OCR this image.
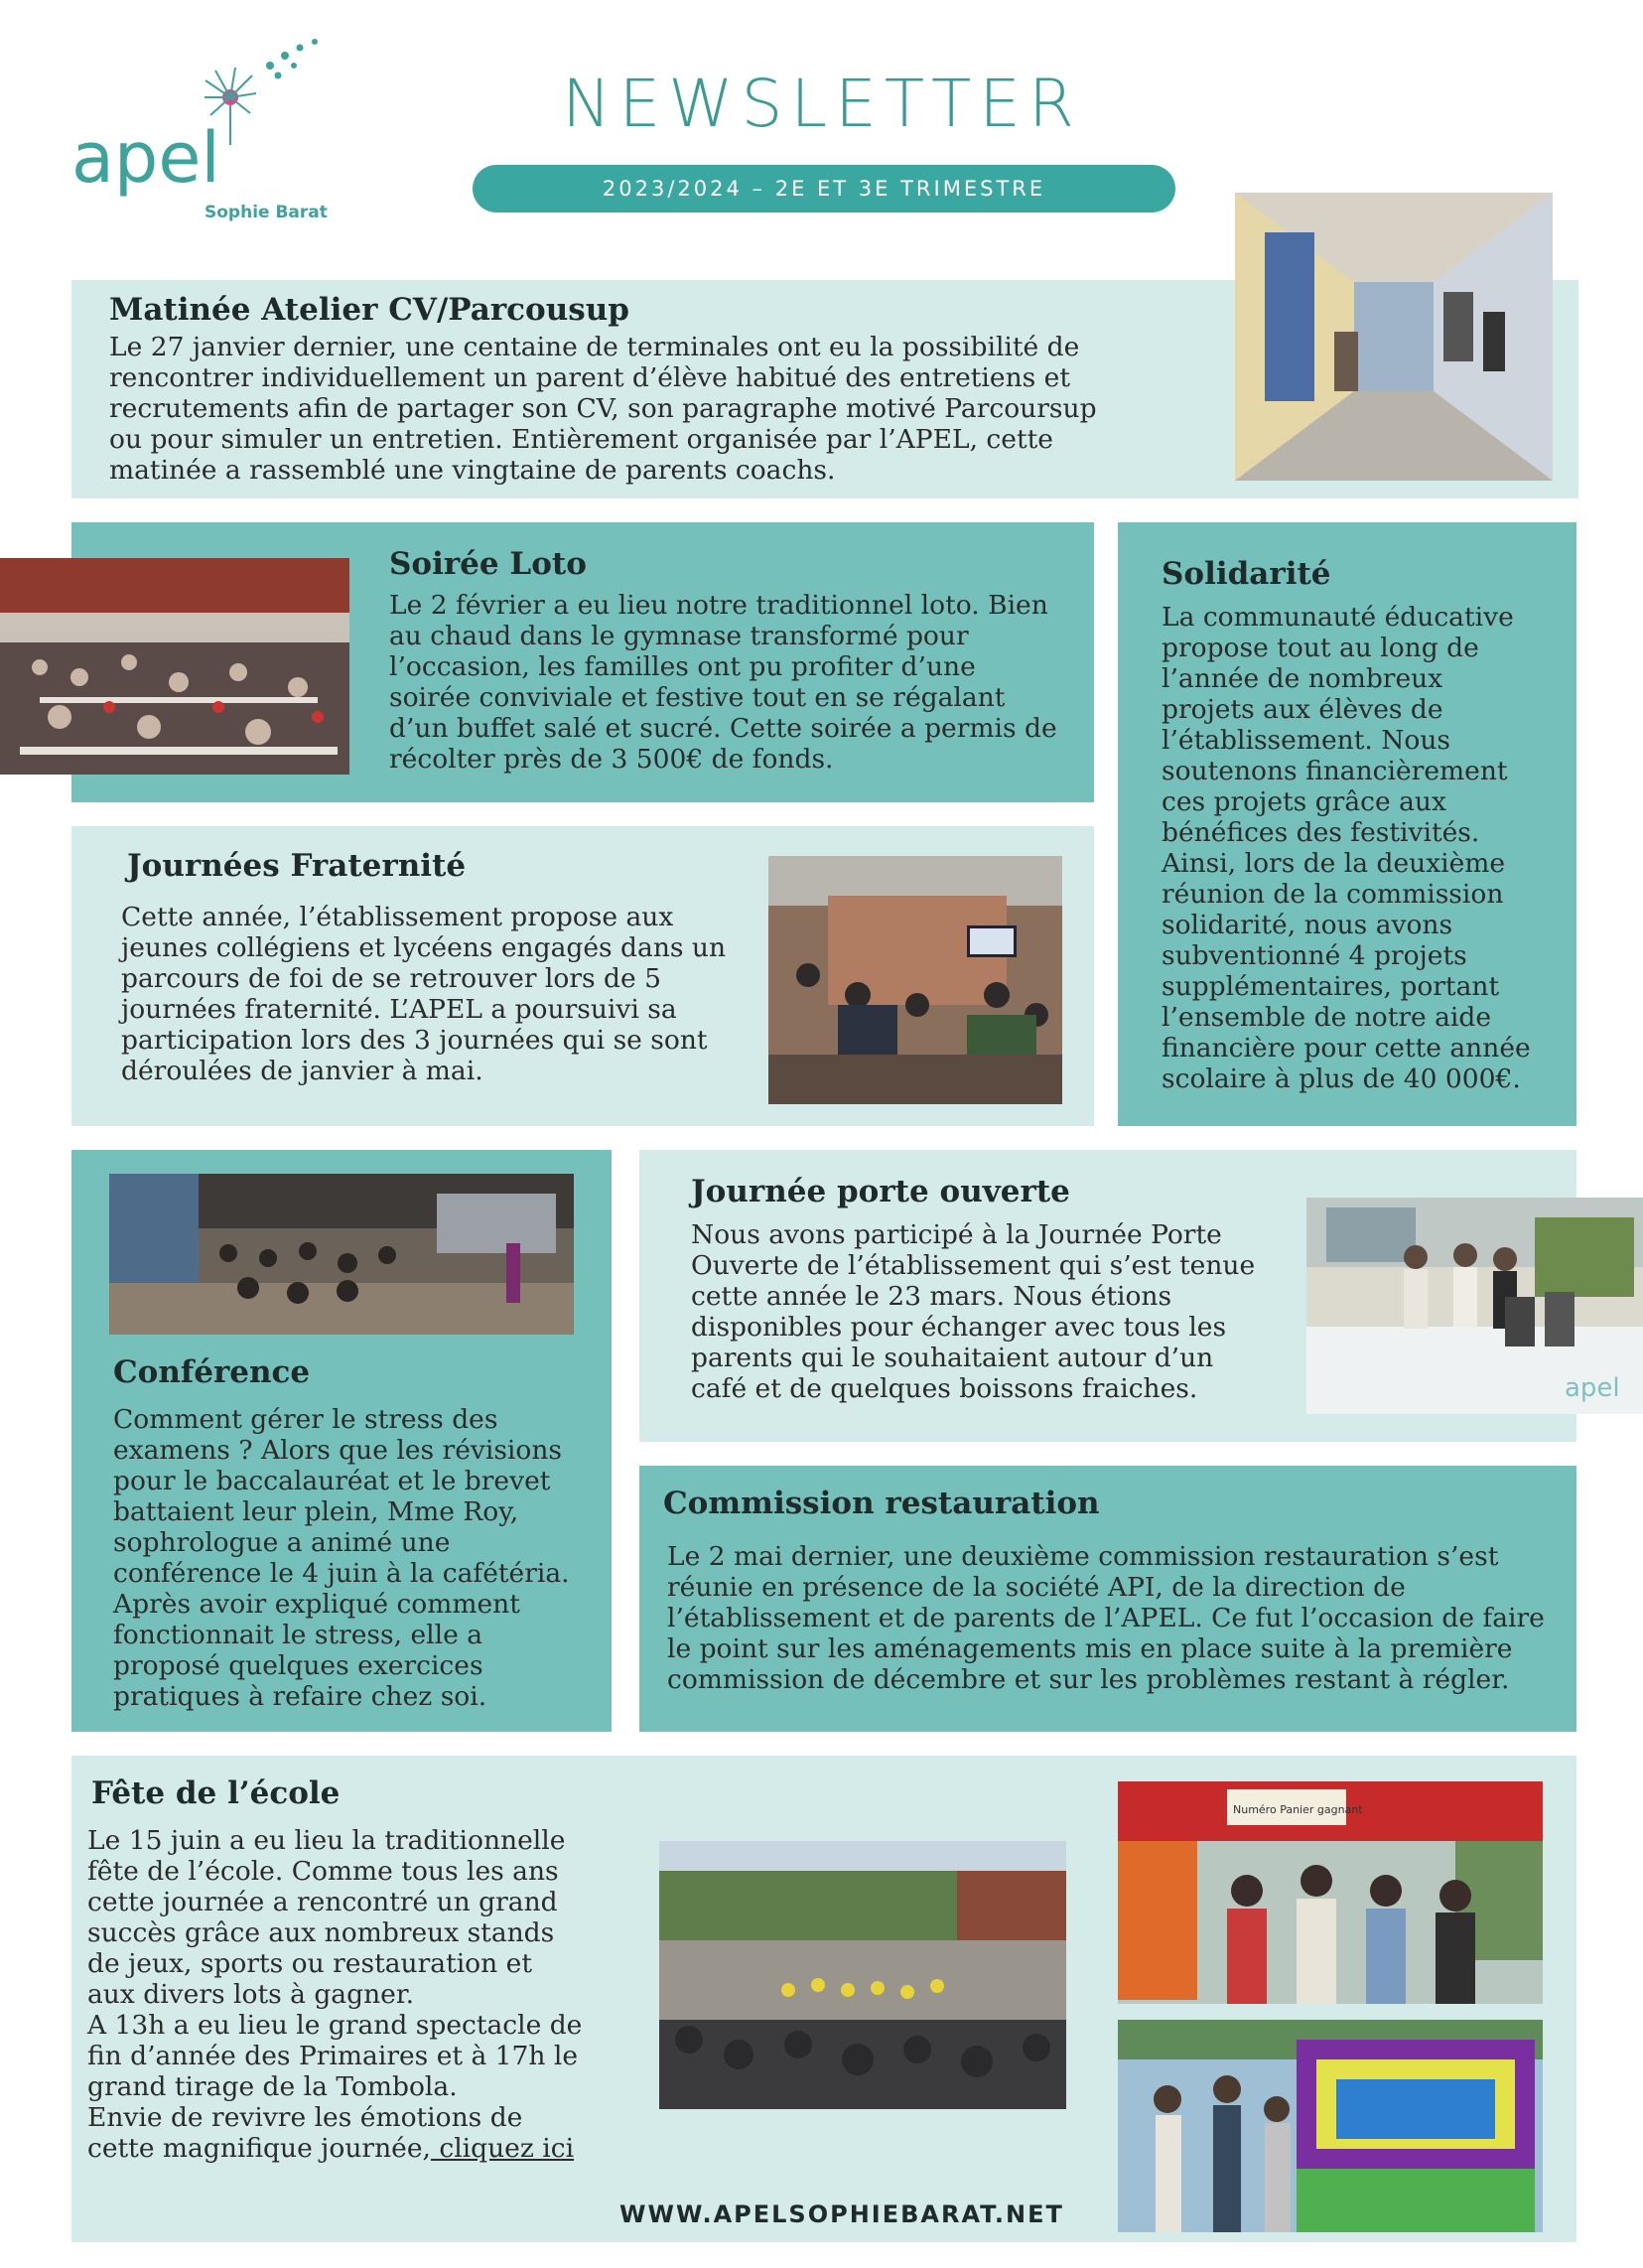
apel
Sophie Barat
NEWSLETTER
2023/2024 – 2E ET 3E TRIMESTRE
Matinée Atelier CV/Parcousup

Le 27 janvier dernier, une centaine de terminales ont eu la possibilité de
rencontrer individuellement un parent d’élève habitué des entretiens et
recrutements afin de partager son CV, son paragraphe motivé Parcoursup
ou pour simuler un entretien. Entièrement organisée par l’APEL, cette
matinée a rassemblé une vingtaine de parents coachs.

Soirée Loto

Le 2 février a eu lieu notre traditionnel loto. Bien
au chaud dans le gymnase transformé pour
l’occasion, les familles ont pu profiter d’une
soirée conviviale et festive tout en se régalant
d’un buffet salé et sucré. Cette soirée a permis de
récolter près de 3 500€ de fonds.

Solidarité

La communauté éducative
propose tout au long de
l’année de nombreux
projets aux élèves de
l’établissement. Nous
soutenons financièrement
ces projets grâce aux
bénéfices des festivités.
Ainsi, lors de la deuxième
réunion de la commission
solidarité, nous avons
subventionné 4 projets
supplémentaires, portant
l’ensemble de notre aide
financière pour cette année
scolaire à plus de 40 000€.

Journées Fraternité

Cette année, l’établissement propose aux
jeunes collégiens et lycéens engagés dans un
parcours de foi de se retrouver lors de 5
journées fraternité. L’APEL a poursuivi sa
participation lors des 3 journées qui se sont
déroulées de janvier à mai.

Conférence

Comment gérer le stress des
examens ? Alors que les révisions
pour le baccalauréat et le brevet
battaient leur plein, Mme Roy,
sophrologue a animé une
conférence le 4 juin à la cafétéria.
Après avoir expliqué comment
fonctionnait le stress, elle a
proposé quelques exercices
pratiques à refaire chez soi.

Journée porte ouverte

Nous avons participé à la Journée Porte
Ouverte de l’établissement qui s’est tenue
cette année le 23 mars. Nous étions
disponibles pour échanger avec tous les
parents qui le souhaitaient autour d’un
café et de quelques boissons fraiches.	apel
Commission restauration

Le 2 mai dernier, une deuxième commission restauration s’est
réunie en présence de la société API, de la direction de
l’établissement et de parents de l’APEL. Ce fut l’occasion de faire
le point sur les aménagements mis en place suite à la première
commission de décembre et sur les problèmes restant à régler.

Fête de l’école

Le 15 juin a eu lieu la traditionnelle
fête de l’école. Comme tous les ans
cette journée a rencontré un grand
succès grâce aux nombreux stands
de jeux, sports ou restauration et
aux divers lots à gagner.
A 13h a eu lieu le grand spectacle de
fin d’année des Primaires et à 17h le
grand tirage de la Tombola.
Envie de revivre les émotions de
cette magnifique journée, cliquez ici

Numéro Panier gagnant
WWW.APELSOPHIEBARAT.NET
